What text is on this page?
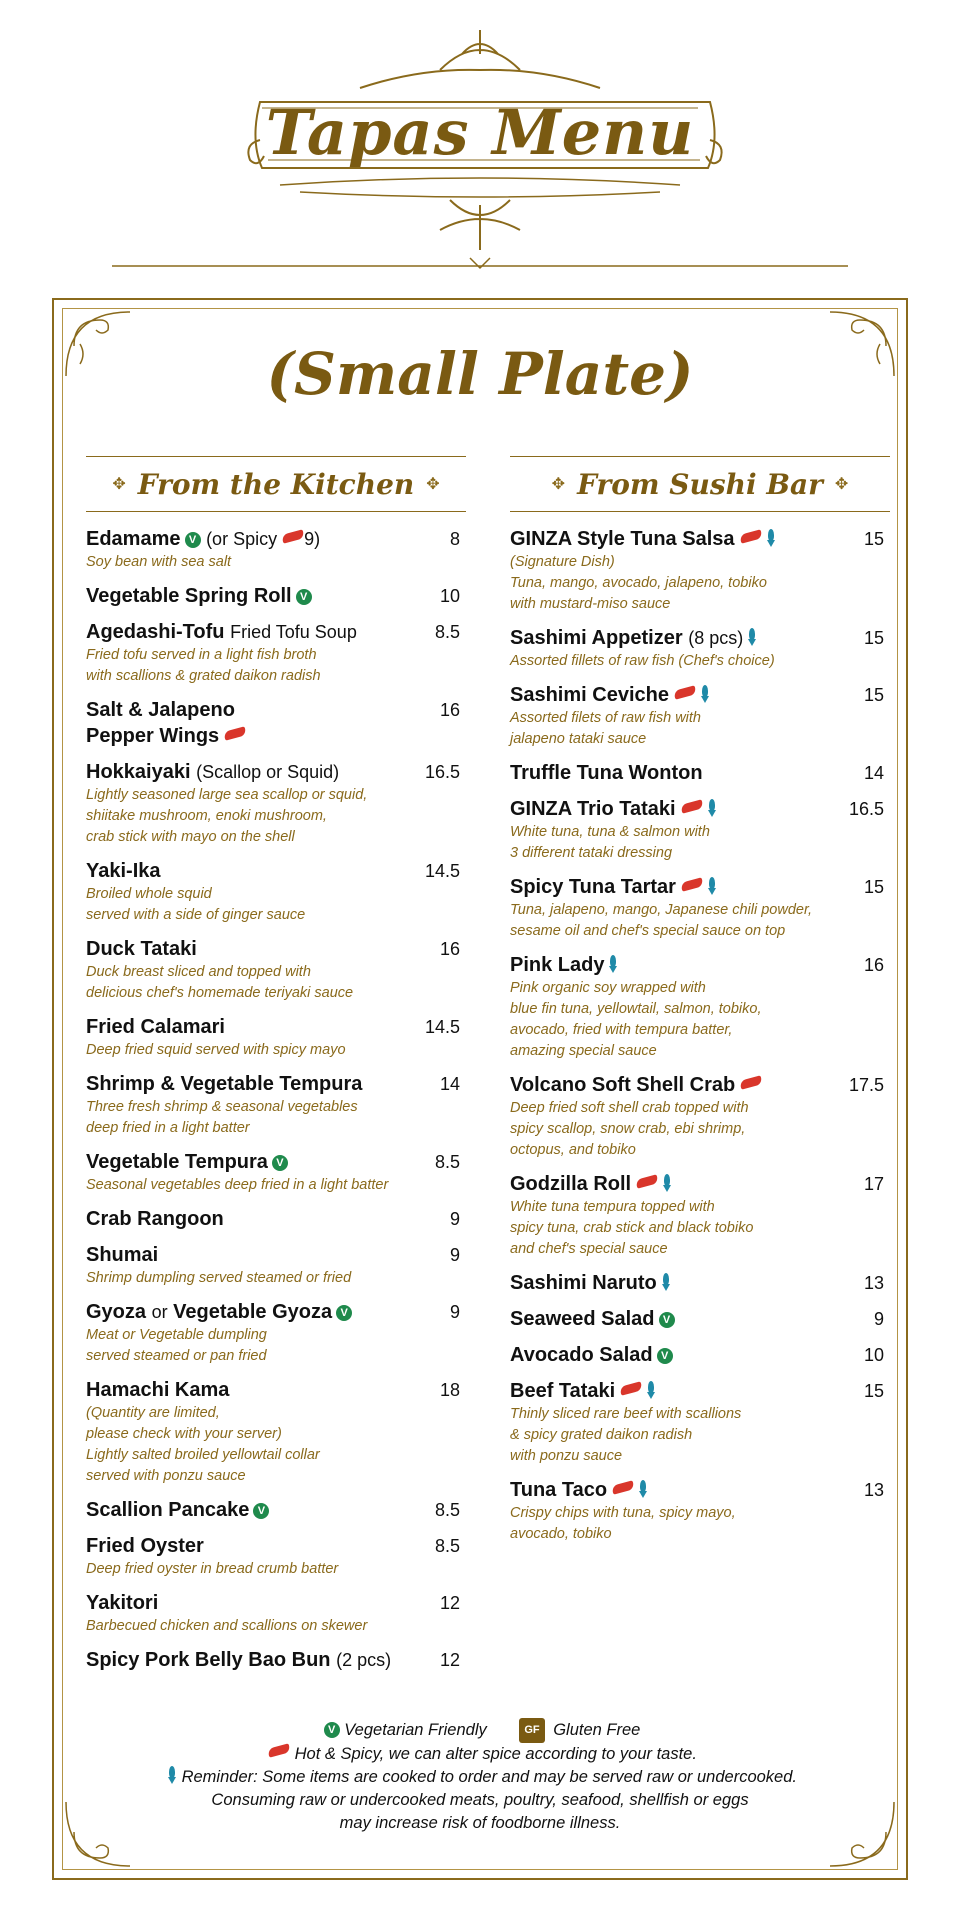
Tapas Menu
(Small Plate)
✥ From the Kitchen ✥
Edamame V (or Spicy 9)	8
Soy bean with sea salt
Vegetable Spring Roll V	10
Agedashi-Tofu Fried Tofu Soup	8.5
Fried tofu served in a light fish broth
with scallions & grated daikon radish
Salt & Jalapeno
Pepper Wings
16
Hokkaiyaki (Scallop or Squid)	16.5
Lightly seasoned large sea scallop or squid,
shiitake mushroom, enoki mushroom,
crab stick with mayo on the shell
Yaki-Ika	14.5
Broiled whole squid
served with a side of ginger sauce
Duck Tataki	16
Duck breast sliced and topped with
delicious chef's homemade teriyaki sauce
Fried Calamari	14.5
Deep fried squid served with spicy mayo
Shrimp & Vegetable Tempura	14
Three fresh shrimp & seasonal vegetables
deep fried in a light batter
Vegetable Tempura V	8.5
Seasonal vegetables deep fried in a light batter
Crab Rangoon	9
Shumai	9
Shrimp dumpling served steamed or fried
Gyoza or Vegetable Gyoza V	9
Meat or Vegetable dumpling
served steamed or pan fried
Hamachi Kama	18
(Quantity are limited,
please check with your server)
Lightly salted broiled yellowtail collar
served with ponzu sauce
Scallion Pancake V	8.5
Fried Oyster	8.5
Deep fried oyster in bread crumb batter
Yakitori	12
Barbecued chicken and scallions on skewer
Spicy Pork Belly Bao Bun (2 pcs)	12
✥ From Sushi Bar ✥
GINZA Style Tuna Salsa	15
(Signature Dish)
Tuna, mango, avocado, jalapeno, tobiko
with mustard-miso sauce
Sashimi Appetizer (8 pcs)	15
Assorted fillets of raw fish (Chef's choice)
Sashimi Ceviche	15
Assorted filets of raw fish with
jalapeno tataki sauce
Truffle Tuna Wonton	14
GINZA Trio Tataki	16.5
White tuna, tuna & salmon with
3 different tataki dressing
Spicy Tuna Tartar	15
Tuna, jalapeno, mango, Japanese chili powder,
sesame oil and chef's special sauce on top
Pink Lady	16
Pink organic soy wrapped with
blue fin tuna, yellowtail, salmon, tobiko,
avocado, fried with tempura batter,
amazing special sauce
Volcano Soft Shell Crab	17.5
Deep fried soft shell crab topped with
spicy scallop, snow crab, ebi shrimp,
octopus, and tobiko
Godzilla Roll	17
White tuna tempura topped with
spicy tuna, crab stick and black tobiko
and chef's special sauce
Sashimi Naruto	13
Seaweed Salad V	9
Avocado Salad V	10
Beef Tataki	15
Thinly sliced rare beef with scallions
& spicy grated daikon radish
with ponzu sauce
Tuna Taco	13
Crispy chips with tuna, spicy mayo,
avocado, tobiko
V Vegetarian Friendly	GF Gluten Free
Hot & Spicy, we can alter spice according to your taste.
Reminder: Some items are cooked to order and may be served raw or undercooked.
Consuming raw or undercooked meats, poultry, seafood, shellfish or eggs
may increase risk of foodborne illness.
